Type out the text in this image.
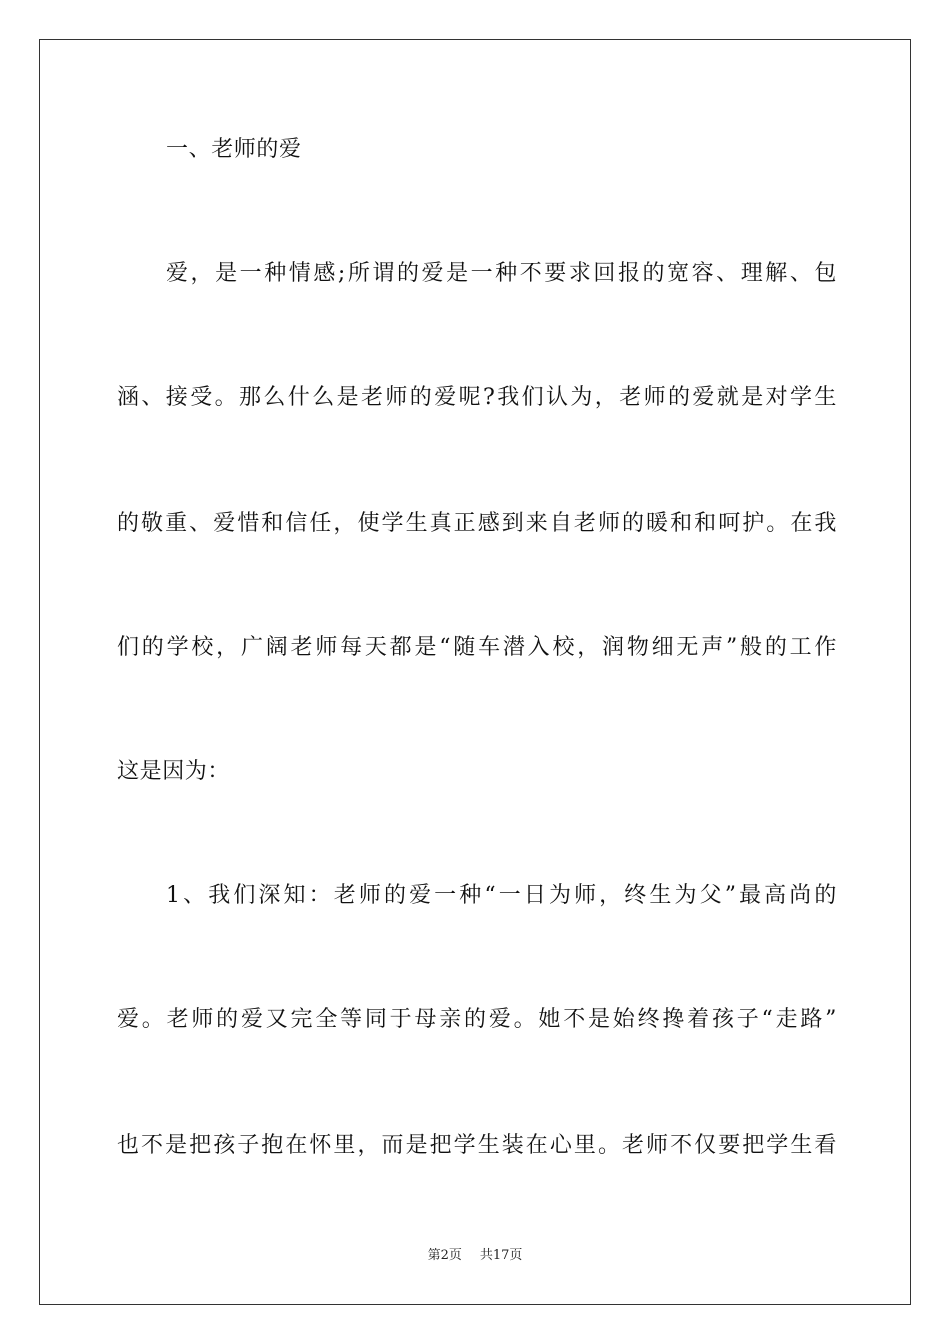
一、老师的爱
爱，是一种情感;所谓的爱是一种不要求回报的宽容、理解、包
涵、接受。那么什么是老师的爱呢?我们认为，老师的爱就是对学生
的敬重、爱惜和信任，使学生真正感到来自老师的暖和和呵护。在我
们的学校，广阔老师每天都是“随车潜入校，润物细无声”般的工作
这是因为：
1、我们深知：老师的爱一种“一日为师，终生为父”最高尚的
爱。老师的爱又完全等同于母亲的爱。她不是始终搀着孩子“走路”
也不是把孩子抱在怀里，而是把学生装在心里。老师不仅要把学生看
第2页 共17页
